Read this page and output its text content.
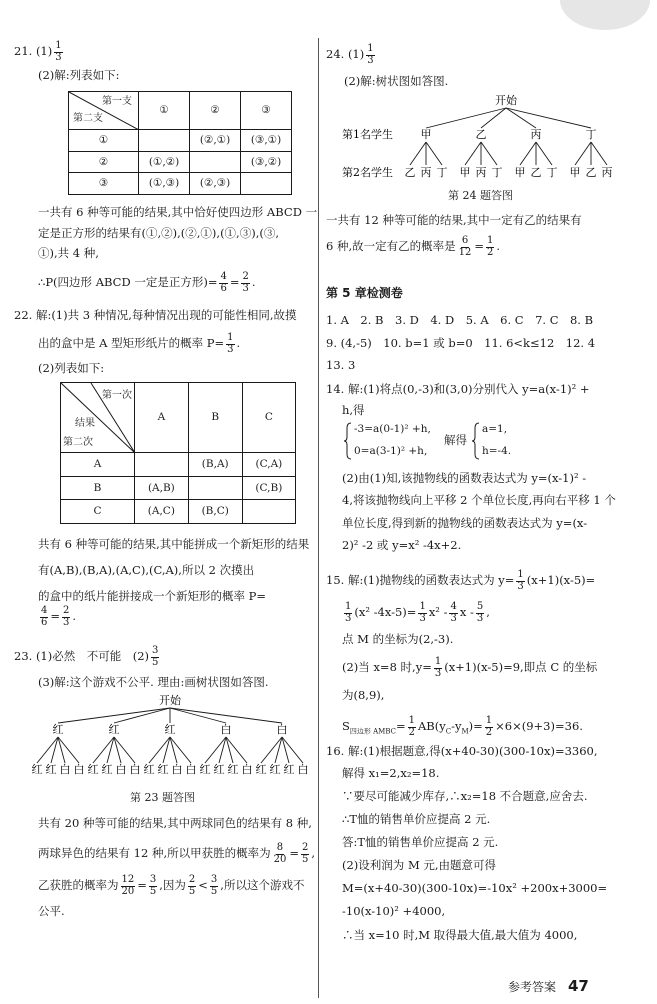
21. $(1) \frac{1}{3}$
(2)解:列表如下:
第一支
第二支	①	②	③
①		(②,①)	(③,①)
②	(①,②)		(③,②)
③	(①,③)	(②,③)	
一共有 6 种等可能的结果,其中恰好使四边形 ABCD 一
定是正方形的结果有(①,②),(②,①),(①,③),(③,
①),共 4 种,
∴P(四边形 ABCD 一定是正方形)= $\frac{4}{6} = \frac{2}{3}$ .
22. 解:(1)共 3 种情况,每种情况出现的可能性相同,故摸
出的盒中是 A 型矩形纸片的概率 $P= \frac{1}{3}$ .
(2)列表如下:
第一次
结果
第二次	A	B	C
A		(B,A)	(C,A)
B	(A,B)		(C,B)
C	(A,C)	(B,C)	
共有 6 种等可能的结果,其中能拼成一个新矩形的结果
有(A,B),(B,A),(A,C),(C,A),所以 2 次摸出
的盒中的纸片能拼接成一个新矩形的概率 P=
$\frac{4}{6} = \frac{2}{3}$ .
23. (1)必然　不可能　$(2) \frac{3}{5}$
(3)解:这个游戏不公平. 理由:画树状图如答图.
开始
红	红	红	白	白
红 红 白 白 红 红 白 白 红 红 白 白 红 红 红 白 红 红 红 白
第 23 题答图
共有 20 种等可能的结果,其中两球同色的结果有 8 种,
两球异色的结果有 12 种,所以甲获胜的概率为 $\frac{8}{20} = \frac{2}{5}$ ,
乙获胜的概率为 $\frac{12}{20} = \frac{3}{5}$ ,因为 $\frac{2}{5} < \frac{3}{5}$ ,所以这个游戏不
公平.
24. $(1) \frac{1}{3}$
(2)解:树状图如答图.
开始
第1名学生
第2名学生
甲	乙	丙	丁
乙 丙 丁 甲 丙 丁 甲 乙 丁 甲 乙 丙
第 24 题答图
一共有 12 种等可能的结果,其中一定有乙的结果有
6 种,故一定有乙的概率是 $\frac{6}{12} = \frac{1}{2}$ .
第 5 章检测卷
1. A　2. B　3. D　4. D　5. A　6. C　7. C　8. B
9. (4,-5)　10. b=1 或 b=0　11. 6<k≤12　12. 4
13. 3
14. 解:(1)将点(0,-3)和(3,0)分别代入 y=a(x-1)² +
h,得
-3=a(0-1)² +h,
0=a(3-1)² +h,
解得
a=1,
h=-4.
(2)由(1)知,该抛物线的函数表达式为 y=(x-1)² -
4,将该抛物线向上平移 2 个单位长度,再向右平移 1 个
单位长度,得到新的抛物线的函数表达式为 y=(x-
2)² -2 或 y=x² -4x+2.
15. 解:(1)抛物线的函数表达式为 $y= \frac{1}{3} (x+1)(x-5)=$
$\frac{1}{3} (x^2$ $-4x-5)= \frac{1}{3} x^2 - \frac{4}{3}$ x - $\frac{5}{3}$ ,
点 M 的坐标为(2,-3).
(2)当 x=8 时$,y= \frac{1}{3} (x+1)(x-5)=9$,即点 C 的坐标
为(8,9),
$S_{四边形 AMBC}= \frac{1}{2} AB(y_C-y_M)= \frac{1}{2} \times 6\times(9+3)=36$.
16. 解:(1)根据题意,得(x+40-30)(300-10x)=3360,
解得 x₁=2,x₂=18.
∵要尽可能减少库存,∴x₂=18 不合题意,应舍去.
∴T恤的销售单价应提高 2 元.
答:T恤的销售单价应提高 2 元.
(2)设利润为 M 元,由题意可得
M=(x+40-30)(300-10x)=-10x² +200x+3000=
-10(x-10)² +4000,
∴当 x=10 时,M 取得最大值,最大值为 4000,
参考答案 47
